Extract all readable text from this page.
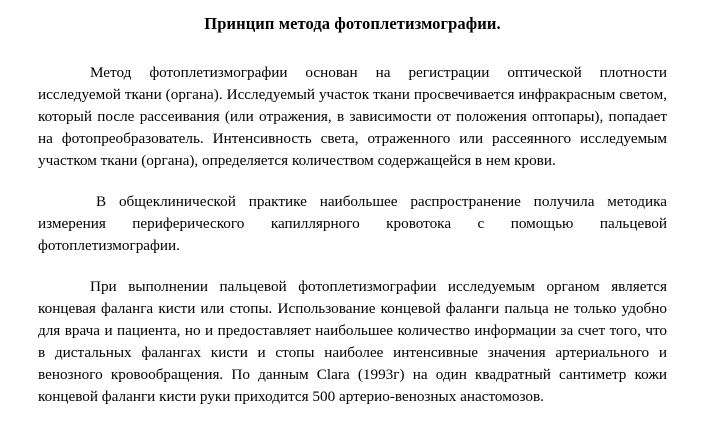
Принцип метода фотоплетизмографии.

Метод фотоплетизмографии основан на регистрации оптической плотности исследуемой ткани (органа). Исследуемый участок ткани просвечивается инфракрасным светом, который после рассеивания (или отражения, в зависимости от положения оптопары), попадает на фотопреобразователь. Интенсивность света, отраженного или рассеянного исследуемым участком ткани (органа), определяется количеством содержащейся в нем крови.

В общеклинической практике наибольшее распространение получила методика измерения периферического капиллярного кровотока с помощью пальцевой фотоплетизмографии.

При выполнении пальцевой фотоплетизмографии исследуемым органом является концевая фаланга кисти или стопы. Использование концевой фаланги пальца не только удобно для врача и пациента, но и предоставляет наибольшее количество информации за счет того, что в дистальных фалангах кисти и стопы наиболее интенсивные значения артериального и венозного кровообращения. По данным Clara (1993г) на один квадратный сантиметр кожи концевой фаланги кисти руки приходится 500 артерио-венозных анастомозов.
